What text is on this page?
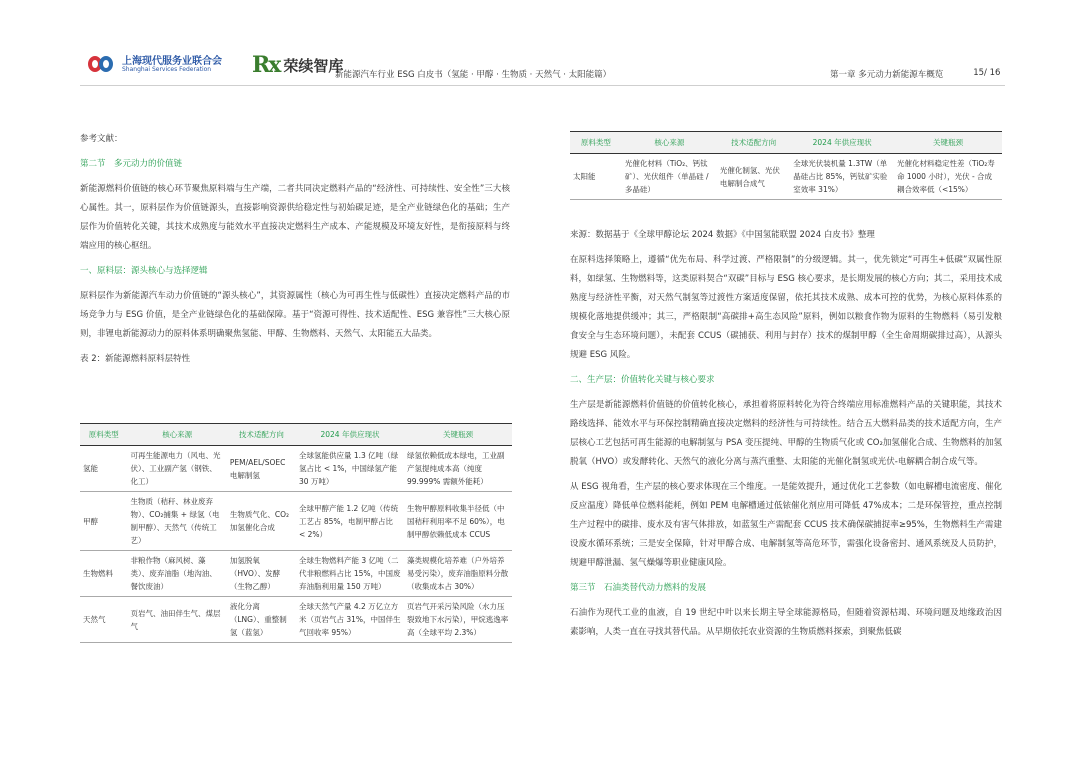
上海现代服务业联合会
Shanghai Services Federation	Rx 荣续智库
新能源汽车行业 ESG 白皮书（氢能 · 甲醇 · 生物质 · 天然气 · 太阳能篇）	第一章 多元动力新能源车概览	15/ 16

参考文献：

第二节　多元动力的价值链

新能源燃料价值链的核心环节聚焦原料端与生产端，二者共同决定燃料产品的“经济性、可持续性、安全性”三大核心属性。其一，原料层作为价值链源头，直接影响资源供给稳定性与初始碳足迹，是全产业链绿色化的基础；生产层作为价值转化关键，其技术成熟度与能效水平直接决定燃料生产成本、产能规模及环境友好性，是衔接原料与终端应用的核心枢纽。

一、原料层：源头核心与选择逻辑

原料层作为新能源汽车动力价值链的“源头核心”，其资源属性（核心为可再生性与低碳性）直接决定燃料产品的市场竞争力与 ESG 价值，是全产业链绿色化的基础保障。基于“资源可得性、技术适配性、ESG 兼容性”三大核心原则，非锂电新能源动力的原料体系明确聚焦氢能、甲醇、生物燃料、天然气、太阳能五大品类。

表 2：新能源燃料原料层特性

原料类型	核心来源	技术适配方向	2024 年供应现状	关键瓶颈
氢能	可再生能源电力（风电、光伏）、工业副产氢（钢铁、化工）	PEM/AEL/SOEC 电解制氢	全球氢能供应量 1.3 亿吨（绿氢占比 < 1%，中国绿氢产能 30 万吨）	绿氢依赖低成本绿电，工业副产氢提纯成本高（纯度 99.999% 需额外能耗）
甲醇	生物质（秸秆、林业废弃物）、CO₂捕集 + 绿氢（电制甲醇）、天然气（传统工艺）	生物质气化、CO₂加氢催化合成	全球甲醇产能 1.2 亿吨（传统工艺占 85%，电制甲醇占比 < 2%）	生物甲醇原料收集半径低（中国秸秆利用率不足 60%），电制甲醇依赖低成本 CCUS
生物燃料	非粮作物（麻风树、藻类）、废弃油脂（地沟油、餐饮废油）	加氢脱氧（HVO）、发酵（生物乙醇）	全球生物燃料产能 3 亿吨（二代非粮燃料占比 15%，中国废弃油脂利用量 150 万吨）	藻类规模化培养难（户外培养易受污染），废弃油脂原料分散（收集成本占 30%）
天然气	页岩气、油田伴生气、煤层气	液化分离（LNG）、重整制氢（蓝氢）	全球天然气产量 4.2 万亿立方米（页岩气占 31%，中国伴生气回收率 95%）	页岩气开采污染风险（水力压裂致地下水污染），甲烷逃逸率高（全球平均 2.3%）
原料类型	核心来源	技术适配方向	2024 年供应现状	关键瓶颈
太阳能	光催化材料（TiO₂、钙钛矿）、光伏组件（单晶硅 / 多晶硅）	光催化制氢、光伏电解制合成气	全球光伏装机量 1.3TW（单晶硅占比 85%，钙钛矿实验室效率 31%）	光催化材料稳定性差（TiO₂寿命 1000 小时），光伏 - 合成耦合效率低（<15%）

来源：数据基于《全球甲醇论坛 2024 数据》《中国氢能联盟 2024 白皮书》整理

在原料选择策略上，遵循“优先布局、科学过渡、严格限制”的分级逻辑。其一，优先锁定“可再生+低碳”双属性原料，如绿氢、生物燃料等，这类原料契合“双碳”目标与 ESG 核心要求，是长期发展的核心方向；其二，采用技术成熟度与经济性平衡，对天然气制氢等过渡性方案适度保留，依托其技术成熟、成本可控的优势，为核心原料体系的规模化落地提供缓冲；其三，严格限制“高碳排+高生态风险”原料，例如以粮食作物为原料的生物燃料（易引发粮食安全与生态环境问题），未配套 CCUS（碳捕获、利用与封存）技术的煤制甲醇（全生命周期碳排过高），从源头规避 ESG 风险。

二、生产层：价值转化关键与核心要求

生产层是新能源燃料价值链的价值转化核心，承担着将原料转化为符合终端应用标准燃料产品的关键职能，其技术路线选择、能效水平与环保控制精确直接决定燃料的经济性与可持续性。结合五大燃料品类的技术适配方向，生产层核心工艺包括可再生能源的电解制氢与 PSA 变压提纯、甲醇的生物质气化或 CO₂加氢催化合成、生物燃料的加氢脱氧（HVO）或发酵转化、天然气的液化分离与蒸汽重整、太阳能的光催化制氢或光伏-电解耦合制合成气等。

从 ESG 视角看，生产层的核心要求体现在三个维度。一是能效提升，通过优化工艺参数（如电解槽电流密度、催化反应温度）降低单位燃料能耗，例如 PEM 电解槽通过低铱催化剂应用可降低 47%成本；二是环保管控，重点控制生产过程中的碳排、废水及有害气体排放，如蓝氢生产需配套 CCUS 技术确保碳捕捉率≥95%，生物燃料生产需建设废水循环系统；三是安全保障，针对甲醇合成、电解制氢等高危环节，需强化设备密封、通风系统及人员防护，规避甲醇泄漏、氢气燥爆等职业健康风险。

第三节　石油类替代动力燃料的发展

石油作为现代工业的血液，自 19 世纪中叶以来长期主导全球能源格局，但随着资源枯竭、环境问题及地缘政治因素影响，人类一直在寻找其替代品。从早期依托农业资源的生物质燃料探索，到聚焦低碳
